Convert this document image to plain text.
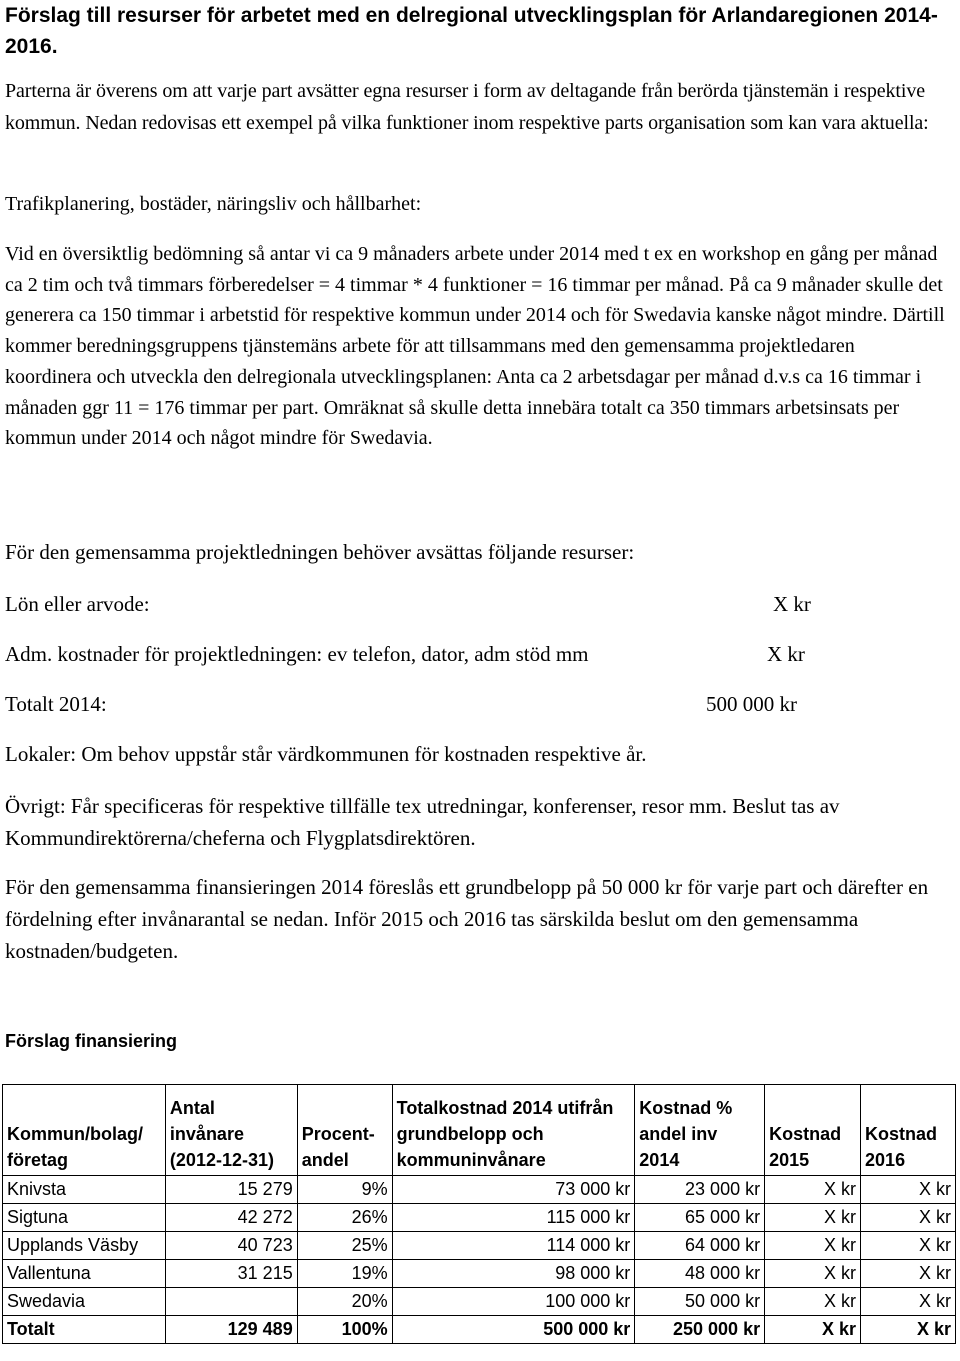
Förslag till resurser för arbetet med en delregional utvecklingsplan för Arlandaregionen 2014-2016.

Parterna är överens om att varje part avsätter egna resurser i form av deltagande från berörda tjänstemän i respektive kommun. Nedan redovisas ett exempel på vilka funktioner inom respektive parts organisation som kan vara aktuella:

Trafikplanering, bostäder, näringsliv och hållbarhet:

Vid en översiktlig bedömning så antar vi ca 9 månaders arbete under 2014 med t ex en workshop en gång per månad ca 2 tim och två timmars förberedelser = 4 timmar * 4 funktioner = 16 timmar per månad. På ca 9 månader skulle det generera ca 150 timmar i arbetstid för respektive kommun under 2014 och för Swedavia kanske något mindre. Därtill kommer beredningsgruppens tjänstemäns arbete för att tillsammans med den gemensamma projektledaren koordinera och utveckla den delregionala utvecklingsplanen: Anta ca 2 arbetsdagar per månad d.v.s ca 16 timmar i månaden ggr 11 = 176 timmar per part. Omräknat så skulle detta innebära totalt ca 350 timmars arbetsinsats per kommun under 2014 och något mindre för Swedavia.

För den gemensamma projektledningen behöver avsättas följande resurser:

Lön eller arvode:	X kr

Adm. kostnader för projektledningen: ev telefon, dator, adm stöd mm	X kr

Totalt 2014:	500 000 kr

Lokaler: Om behov uppstår står värdkommunen för kostnaden respektive år.

Övrigt: Får specificeras för respektive tillfälle tex utredningar, konferenser, resor mm. Beslut tas av Kommundirektörerna/cheferna och Flygplatsdirektören.

För den gemensamma finansieringen 2014 föreslås ett grundbelopp på 50 000 kr för varje part och därefter en fördelning efter invånarantal se nedan. Inför 2015 och 2016 tas särskilda beslut om den gemensamma kostnaden/budgeten.

Förslag finansiering
Kommun/bolag/ företag	Antal invånare (2012-12-31)	Procent-andel	Totalkostnad 2014 utifrån grundbelopp och kommuninvånare	Kostnad % andel inv 2014	Kostnad 2015	Kostnad 2016
Knivsta	15 279	9%	73 000 kr	23 000 kr	X kr	X kr
Sigtuna	42 272	26%	115 000 kr	65 000 kr	X kr	X kr
Upplands Väsby	40 723	25%	114 000 kr	64 000 kr	X kr	X kr
Vallentuna	31 215	19%	98 000 kr	48 000 kr	X kr	X kr
Swedavia		20%	100 000 kr	50 000 kr	X kr	X kr
Totalt	129 489	100%	500 000 kr	250 000 kr	X kr	X kr
